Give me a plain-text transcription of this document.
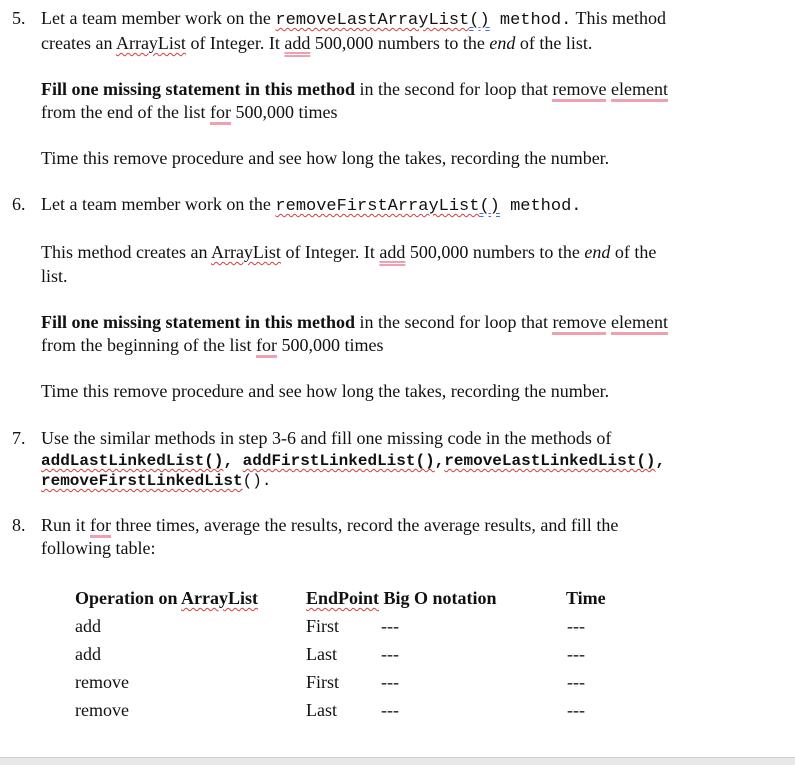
5. Let a team member work on the removeLastArrayList() method. This method
creates an ArrayList of Integer. It add 500,000 numbers to the end of the list.
Fill one missing statement in this method in the second for loop that remove element
from the end of the list for 500,000 times
Time this remove procedure and see how long the takes, recording the number.
6. Let a team member work on the removeFirstArrayList() method.
This method creates an ArrayList of Integer. It add 500,000 numbers to the end of the
list.
Fill one missing statement in this method in the second for loop that remove element
from the beginning of the list for 500,000 times
Time this remove procedure and see how long the takes, recording the number.
7. Use the similar methods in step 3-6 and fill one missing code in the methods of
addLastLinkedList(), addFirstLinkedList(),removeLastLinkedList(),
removeFirstLinkedList().
8. Run it for three times, average the results, record the average results, and fill the
following table:
Operation on ArrayList	EndPoint Big O notation	Time
add	First ---	---
add	Last ---	---
remove	First ---	---
remove	Last ---	---
